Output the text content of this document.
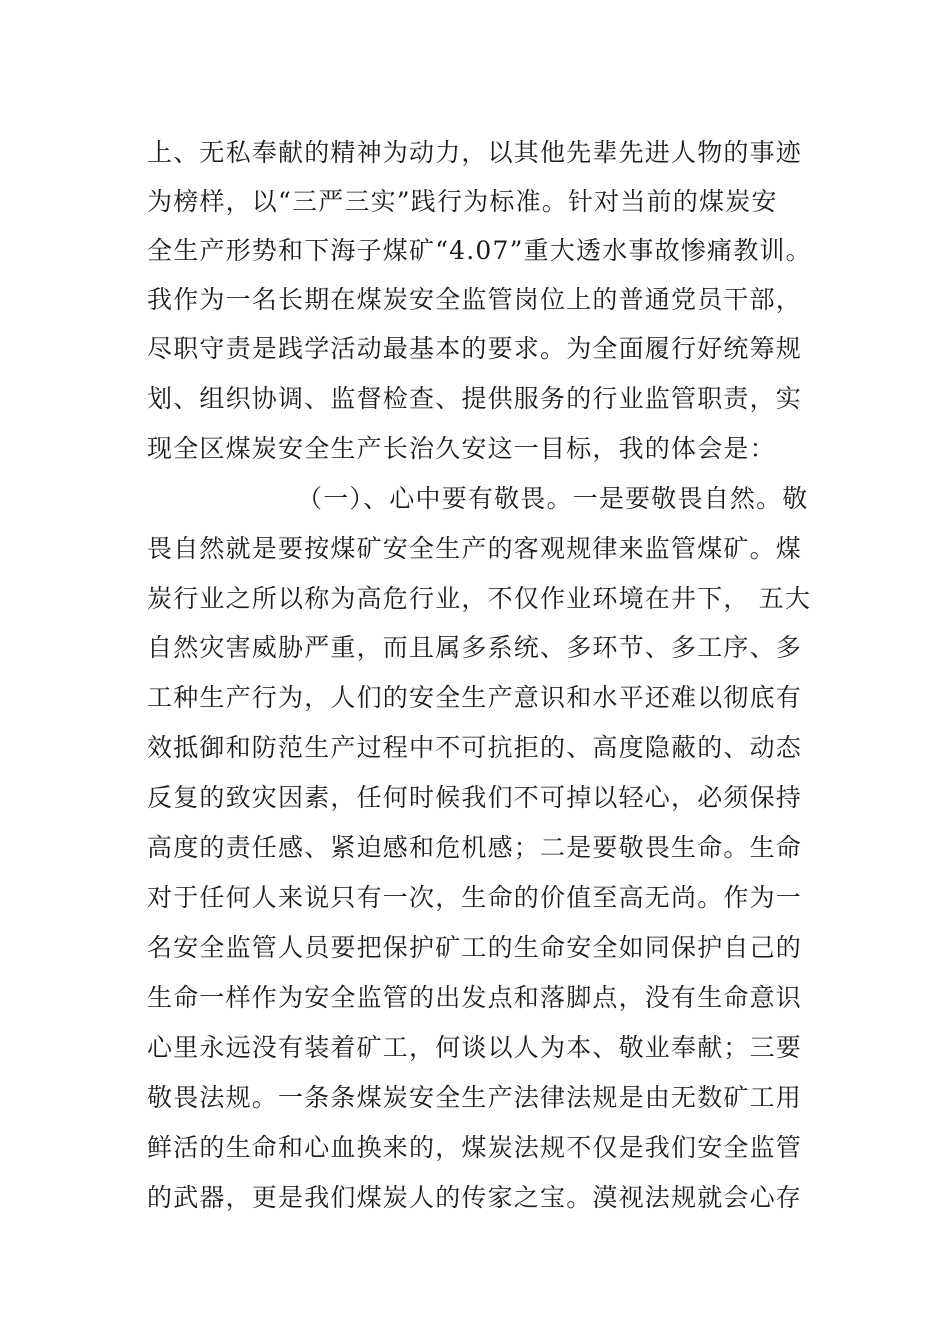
上、无私奉献的精神为动力，以其他先辈先进人物的事迹
为榜样，以“三严三实”践行为标准。针对当前的煤炭安
全生产形势和下海子煤矿“4.07”重大透水事故惨痛教训。
我作为一名长期在煤炭安全监管岗位上的普通党员干部，
尽职守责是践学活动最基本的要求。为全面履行好统筹规
划、组织协调、监督检查、提供服务的行业监管职责，实
现全区煤炭安全生产长治久安这一目标，我的体会是：
（一）、心中要有敬畏。一是要敬畏自然。敬
畏自然就是要按煤矿安全生产的客观规律来监管煤矿。煤
炭行业之所以称为高危行业，不仅作业环境在井下， 五大
自然灾害威胁严重，而且属多系统、多环节、多工序、多
工种生产行为，人们的安全生产意识和水平还难以彻底有
效抵御和防范生产过程中不可抗拒的、高度隐蔽的、动态
反复的致灾因素，任何时候我们不可掉以轻心，必须保持
高度的责任感、紧迫感和危机感；二是要敬畏生命。生命
对于任何人来说只有一次，生命的价值至高无尚。作为一
名安全监管人员要把保护矿工的生命安全如同保护自己的
生命一样作为安全监管的出发点和落脚点，没有生命意识
心里永远没有装着矿工，何谈以人为本、敬业奉献；三要
敬畏法规。一条条煤炭安全生产法律法规是由无数矿工用
鲜活的生命和心血换来的，煤炭法规不仅是我们安全监管
的武器，更是我们煤炭人的传家之宝。漠视法规就会心存
